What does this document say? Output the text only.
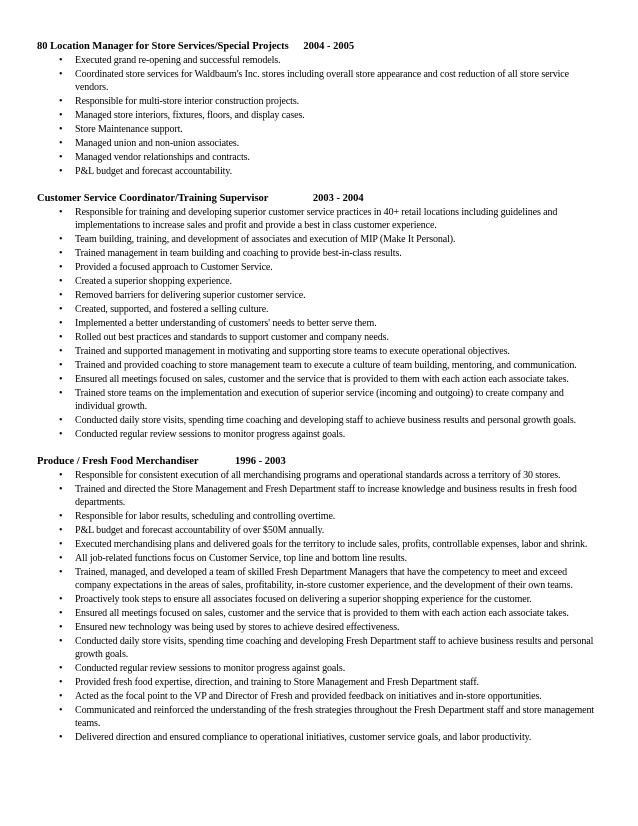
80 Location Manager for Store Services/Special Projects 2004 - 2005
• Executed grand re-opening and successful remodels.
• Coordinated store services for Waldbaum's Inc. stores including overall store appearance and cost reduction of all store service vendors.
• Responsible for multi-store interior construction projects.
• Managed store interiors, fixtures, floors, and display cases.
• Store Maintenance support.
• Managed union and non-union associates.
• Managed vendor relationships and contracts.
• P&L budget and forecast accountability.
Customer Service Coordinator/Training Supervisor	2003 - 2004
• Responsible for training and developing superior customer service practices in 40+ retail locations including guidelines and implementations to increase sales and profit and provide a best in class customer experience.
• Team building, training, and development of associates and execution of MIP (Make It Personal).
• Trained management in team building and coaching to provide best-in-class results.
• Provided a focused approach to Customer Service.
• Created a superior shopping experience.
• Removed barriers for delivering superior customer service.
• Created, supported, and fostered a selling culture.
• Implemented a better understanding of customers' needs to better serve them.
• Rolled out best practices and standards to support customer and company needs.
• Trained and supported management in motivating and supporting store teams to execute operational objectives.
• Trained and provided coaching to store management team to execute a culture of team building, mentoring, and communication.
• Ensured all meetings focused on sales, customer and the service that is provided to them with each action each associate takes.
• Trained store teams on the implementation and execution of superior service (incoming and outgoing) to create company and individual growth.
• Conducted daily store visits, spending time coaching and developing staff to achieve business results and personal growth goals.
• Conducted regular review sessions to monitor progress against goals.
Produce / Fresh Food Merchandiser	1996 - 2003
• Responsible for consistent execution of all merchandising programs and operational standards across a territory of 30 stores.
• Trained and directed the Store Management and Fresh Department staff to increase knowledge and business results in fresh food departments.
• Responsible for labor results, scheduling and controlling overtime.
• P&L budget and forecast accountability of over $50M annually.
• Executed merchandising plans and delivered goals for the territory to include sales, profits, controllable expenses, labor and shrink.
• All job-related functions focus on Customer Service, top line and bottom line results.
• Trained, managed, and developed a team of skilled Fresh Department Managers that have the competency to meet and exceed company expectations in the areas of sales, profitability, in-store customer experience, and the development of their own teams.
• Proactively took steps to ensure all associates focused on delivering a superior shopping experience for the customer.
• Ensured all meetings focused on sales, customer and the service that is provided to them with each action each associate takes.
• Ensured new technology was being used by stores to achieve desired effectiveness.
• Conducted daily store visits, spending time coaching and developing Fresh Department staff to achieve business results and personal growth goals.
• Conducted regular review sessions to monitor progress against goals.
• Provided fresh food expertise, direction, and training to Store Management and Fresh Department staff.
• Acted as the focal point to the VP and Director of Fresh and provided feedback on initiatives and in-store opportunities.
• Communicated and reinforced the understanding of the fresh strategies throughout the Fresh Department staff and store management teams.
• Delivered direction and ensured compliance to operational initiatives, customer service goals, and labor productivity.
